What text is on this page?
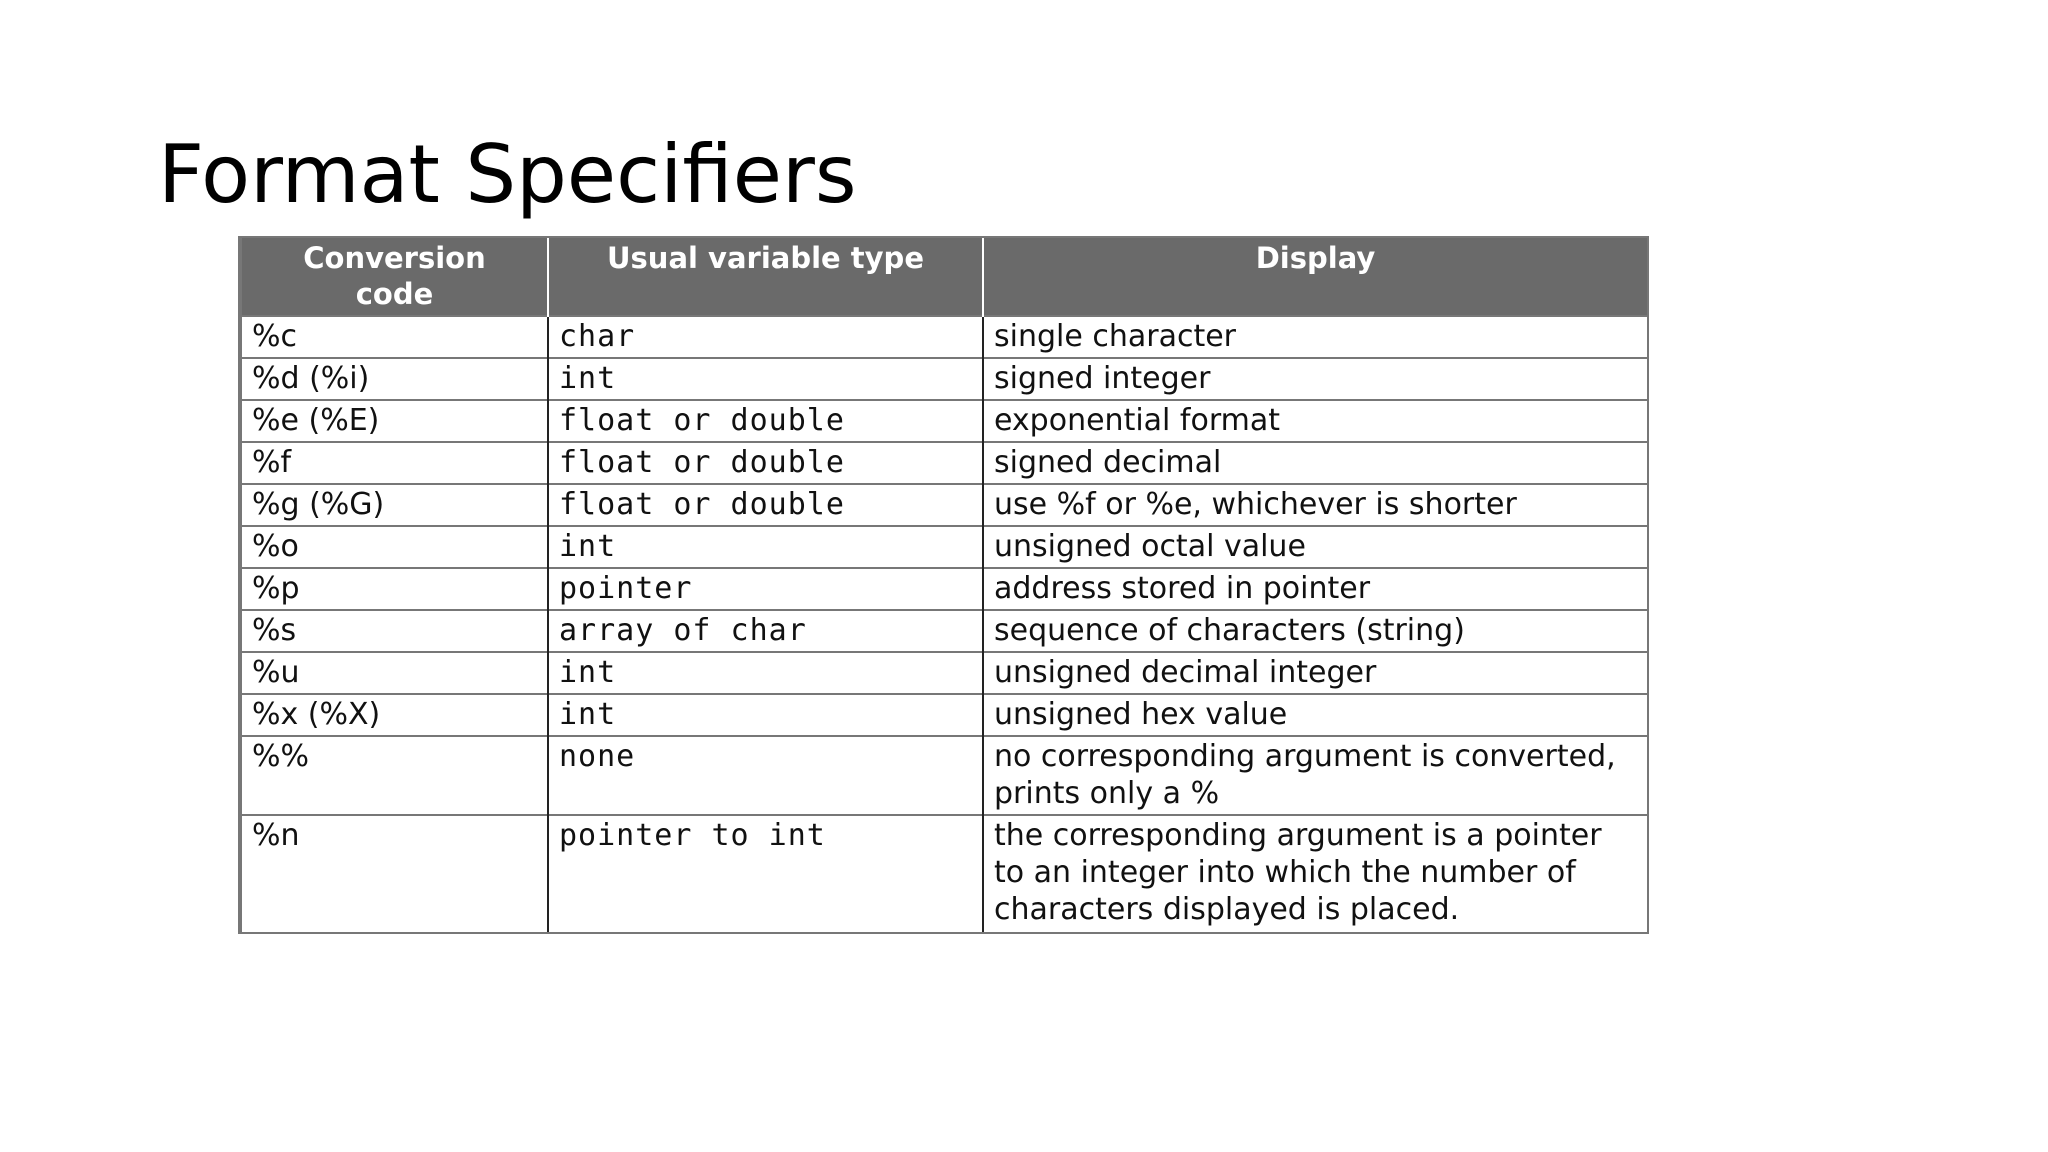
Format Specifiers
Conversion code	Usual variable type	Display
%c	char	single character
%d (%i)	int	signed integer
%e (%E)	float or double	exponential format
%f	float or double	signed decimal
%g (%G)	float or double	use %f or %e, whichever is shorter
%o	int	unsigned octal value
%p	pointer	address stored in pointer
%s	array of char	sequence of characters (string)
%u	int	unsigned decimal integer
%x (%X)	int	unsigned hex value
%%	none	no corresponding argument is converted, prints only a %
%n	pointer to int	the corresponding argument is a pointer to an integer into which the number of characters displayed is placed.
